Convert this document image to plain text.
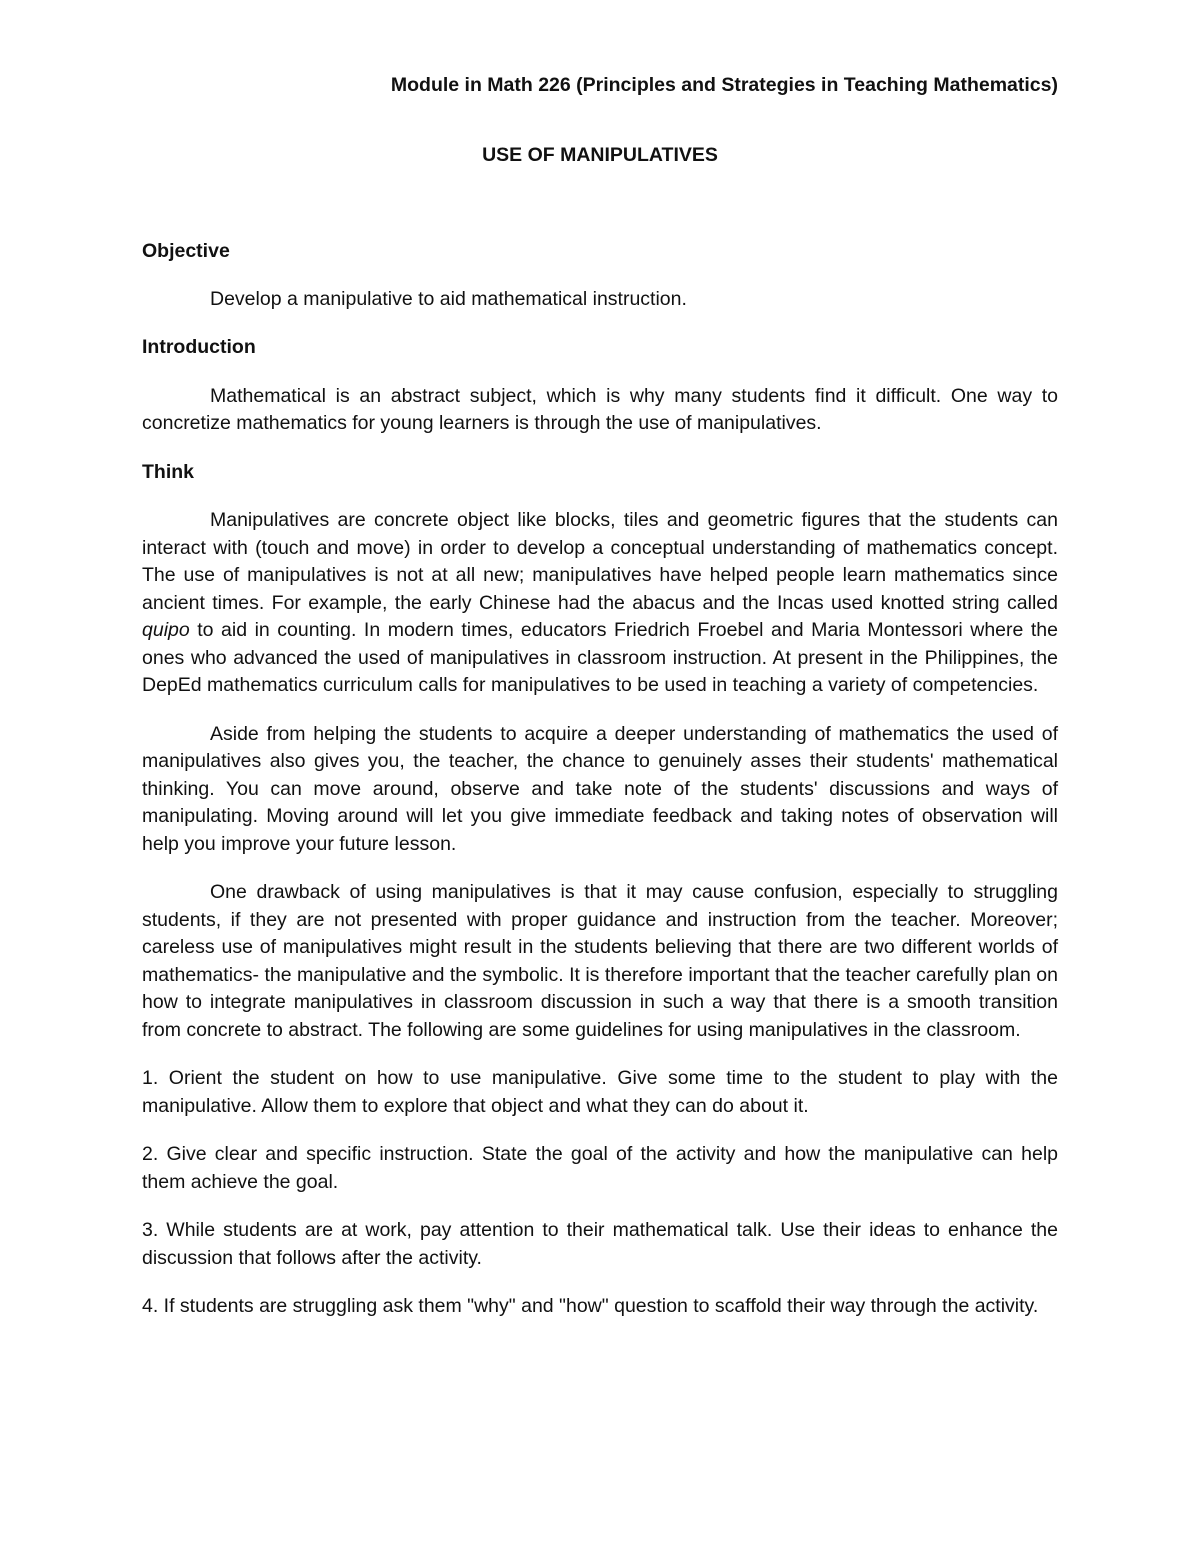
Module in Math 226 (Principles and Strategies in Teaching Mathematics)
USE OF MANIPULATIVES

Objective

Develop a manipulative to aid mathematical instruction.

Introduction

Mathematical is an abstract subject, which is why many students find it difficult. One way to concretize mathematics for young learners is through the use of manipulatives.

Think

Manipulatives are concrete object like blocks, tiles and geometric figures that the students can interact with (touch and move) in order to develop a conceptual understanding of mathematics concept. The use of manipulatives is not at all new; manipulatives have helped people learn mathematics since ancient times. For example, the early Chinese had the abacus and the Incas used knotted string called quipo to aid in counting. In modern times, educators Friedrich Froebel and Maria Montessori where the ones who advanced the used of manipulatives in classroom instruction. At present in the Philippines, the DepEd mathematics curriculum calls for manipulatives to be used in teaching a variety of competencies.

Aside from helping the students to acquire a deeper understanding of mathematics the used of manipulatives also gives you, the teacher, the chance to genuinely asses their students' mathematical thinking. You can move around, observe and take note of the students' discussions and ways of manipulating. Moving around will let you give immediate feedback and taking notes of observation will help you improve your future lesson.

One drawback of using manipulatives is that it may cause confusion, especially to struggling students, if they are not presented with proper guidance and instruction from the teacher. Moreover; careless use of manipulatives might result in the students believing that there are two different worlds of mathematics- the manipulative and the symbolic. It is therefore important that the teacher carefully plan on how to integrate manipulatives in classroom discussion in such a way that there is a smooth transition from concrete to abstract. The following are some guidelines for using manipulatives in the classroom.

1. Orient the student on how to use manipulative. Give some time to the student to play with the manipulative. Allow them to explore that object and what they can do about it.

2. Give clear and specific instruction. State the goal of the activity and how the manipulative can help them achieve the goal.

3. While students are at work, pay attention to their mathematical talk. Use their ideas to enhance the discussion that follows after the activity.

4. If students are struggling ask them "why" and "how" question to scaffold their way through the activity.
